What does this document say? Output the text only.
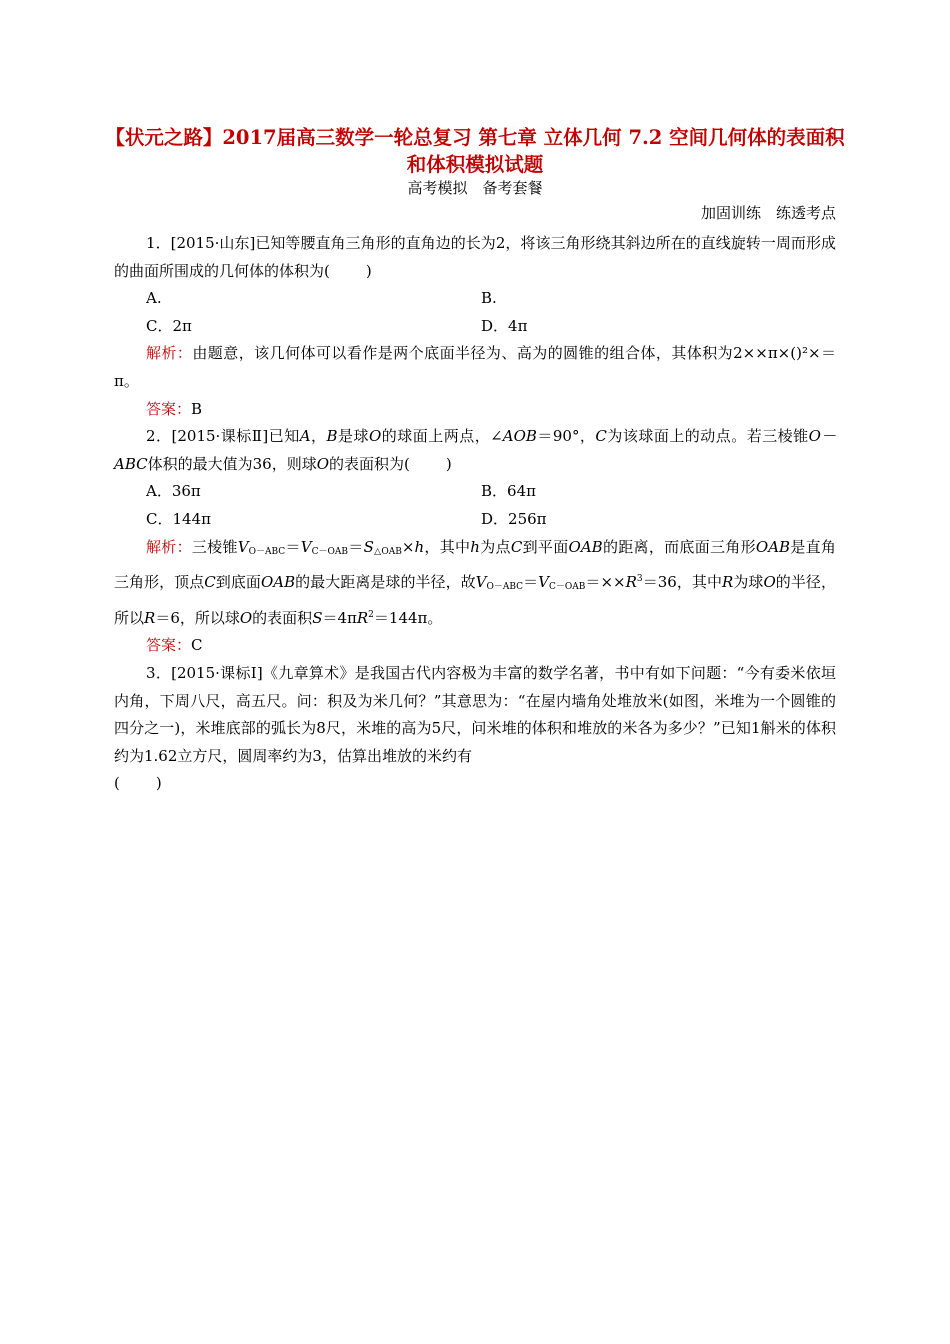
【状元之路】2017届高三数学一轮总复习 第七章 立体几何 7.2 空间几何体的表面积和体积模拟试题
高考模拟　备考套餐
加固训练　练透考点

1．[2015·山东]已知等腰直角三角形的直角边的长为2，将该三角形绕其斜边所在的直线旋转一周而形成的曲面所围成的几何体的体积为( )

A.	B.
C．2π	D．4π

解析：由题意，该几何体可以看作是两个底面半径为、高为的圆锥的组合体，其体积为2××π×()²×＝π。

答案：B

2．[2015·课标Ⅱ]已知A，B是球O的球面上两点，∠AOB＝90°，C为该球面上的动点。若三棱锥O－ABC体积的最大值为36，则球O的表面积为( )

A．36π	B．64π
C．144π	D．256π

解析：三棱锥$V_{O-ABC}=V_{C-OAB}=S_{\triangle OAB}\times h$，其中h为点C到平面OAB的距离，而底面三角形OAB是直角三角形，顶点C到底面OAB的最大距离是球的半径，故$V_{O-ABC}=V_{C-OAB}=\times\times R^3=36$，其中R为球O的半径，所以R＝6，所以球O的表面积$S=4\pi R^2=144\pi$。

答案：C

3．[2015·课标Ⅰ]《九章算术》是我国古代内容极为丰富的数学名著，书中有如下问题：“今有委米依垣内角，下周八尺，高五尺。问：积及为米几何？”其意思为：“在屋内墙角处堆放米(如图，米堆为一个圆锥的四分之一)，米堆底部的弧长为8尺，米堆的高为5尺，问米堆的体积和堆放的米各为多少？”已知1斛米的体积约为1.62立方尺，圆周率约为3，估算出堆放的米约有

( )
